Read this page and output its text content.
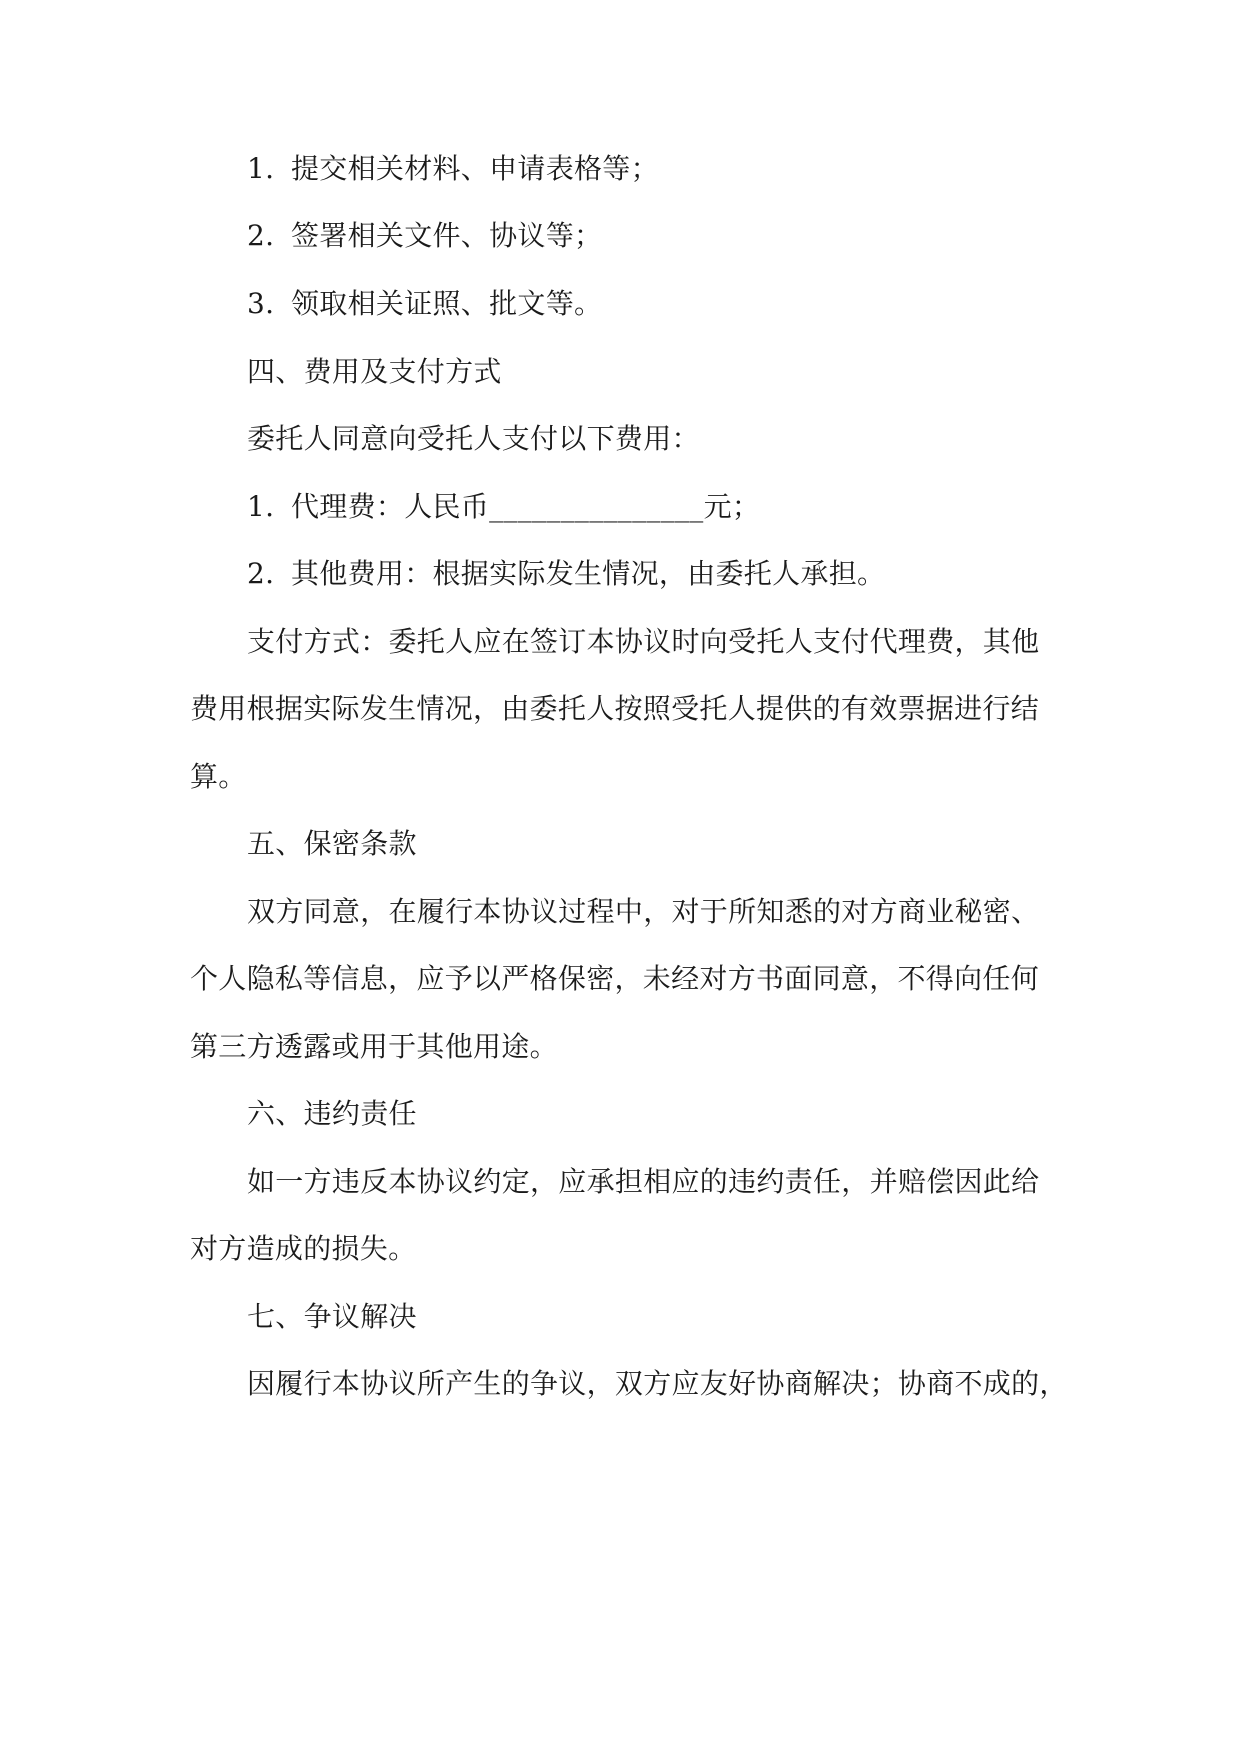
1. 提交相关材料、申请表格等；
2. 签署相关文件、协议等；
3. 领取相关证照、批文等。
四、费用及支付方式
委托人同意向受托人支付以下费用：
1. 代理费：人民币_______________元；
2. 其他费用：根据实际发生情况，由委托人承担。
支付方式：委托人应在签订本协议时向受托人支付代理费，其他
费用根据实际发生情况，由委托人按照受托人提供的有效票据进行结
算。
五、保密条款
双方同意，在履行本协议过程中，对于所知悉的对方商业秘密、
个人隐私等信息，应予以严格保密，未经对方书面同意，不得向任何
第三方透露或用于其他用途。
六、违约责任
如一方违反本协议约定，应承担相应的违约责任，并赔偿因此给
对方造成的损失。
七、争议解决
因履行本协议所产生的争议，双方应友好协商解决；协商不成的，
